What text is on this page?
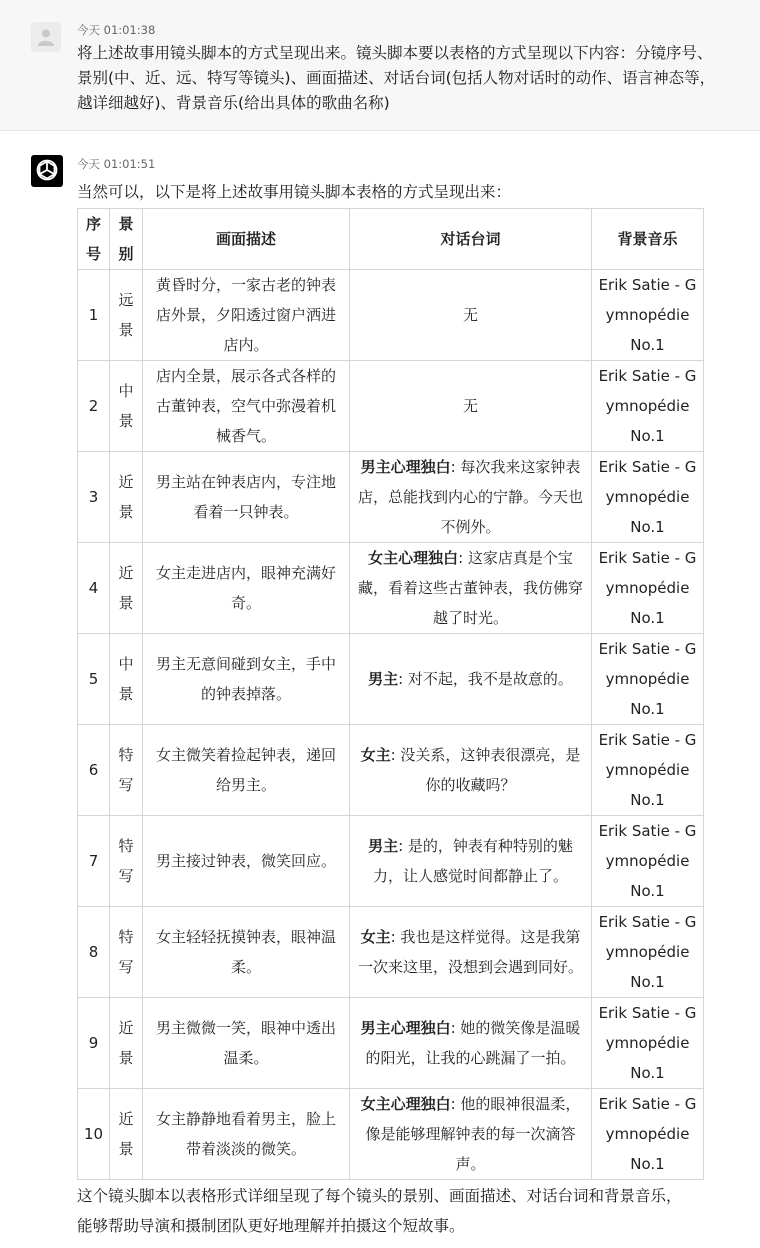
今天 01:01:38
将上述故事用镜头脚本的方式呈现出来。镜头脚本要以表格的方式呈现以下内容：分镜序号、景别(中、近、远、特写等镜头)、画面描述、对话台词(包括人物对话时的动作、语言神态等，越详细越好)、背景音乐(给出具体的歌曲名称)
今天 01:01:51
当然可以，以下是将上述故事用镜头脚本表格的方式呈现出来：
序号	景别	画面描述	对话台词	背景音乐
1	远景	黄昏时分，一家古老的钟表店外景，夕阳透过窗户洒进店内。	无	Erik Satie - Gymnopédie No.1
2	中景	店内全景，展示各式各样的古董钟表，空气中弥漫着机械香气。	无	Erik Satie - Gymnopédie No.1
3	近景	男主站在钟表店内，专注地看着一只钟表。	男主心理独白: 每次我来这家钟表店，总能找到内心的宁静。今天也不例外。	Erik Satie - Gymnopédie No.1
4	近景	女主走进店内，眼神充满好奇。	女主心理独白: 这家店真是个宝藏，看着这些古董钟表，我仿佛穿越了时光。	Erik Satie - Gymnopédie No.1
5	中景	男主无意间碰到女主，手中的钟表掉落。	男主: 对不起，我不是故意的。	Erik Satie - Gymnopédie No.1
6	特写	女主微笑着捡起钟表，递回给男主。	女主: 没关系，这钟表很漂亮，是你的收藏吗？	Erik Satie - Gymnopédie No.1
7	特写	男主接过钟表，微笑回应。	男主: 是的，钟表有种特别的魅力，让人感觉时间都静止了。	Erik Satie - Gymnopédie No.1
8	特写	女主轻轻抚摸钟表，眼神温柔。	女主: 我也是这样觉得。这是我第一次来这里，没想到会遇到同好。	Erik Satie - Gymnopédie No.1
9	近景	男主微微一笑，眼神中透出温柔。	男主心理独白: 她的微笑像是温暖的阳光，让我的心跳漏了一拍。	Erik Satie - Gymnopédie No.1
10	近景	女主静静地看着男主，脸上带着淡淡的微笑。	女主心理独白: 他的眼神很温柔，像是能够理解钟表的每一次滴答声。	Erik Satie - Gymnopédie No.1
这个镜头脚本以表格形式详细呈现了每个镜头的景别、画面描述、对话台词和背景音乐，能够帮助导演和摄制团队更好地理解并拍摄这个短故事。
